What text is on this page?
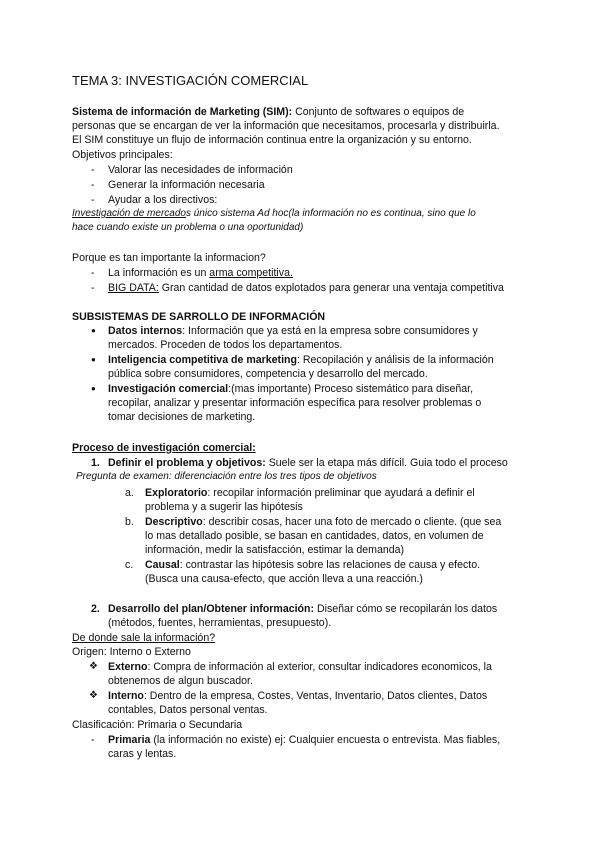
TEMA 3: INVESTIGACIÓN COMERCIAL
Sistema de información de Marketing (SIM): Conjunto de softwares o equipos de
personas que se encargan de ver la información que necesitamos, procesarla y distribuirla.
El SIM constituye un flujo de información continua entre la organización y su entorno.
Objetivos principales:
- Valorar las necesidades de información
- Generar la información necesaria
- Ayudar a los directivos:
Investigación de mercados único sistema Ad hoc(la información no es continua, sino que lo
hace cuando existe un problema o una oportunidad)
Porque es tan importante la informacion?
- La información es un arma competitiva.
- BIG DATA: Gran cantidad de datos explotados para generar una ventaja competitiva
SUBSISTEMAS DE SARROLLO DE INFORMACIÓN
● Datos internos: Información que ya está en la empresa sobre consumidores y
mercados. Proceden de todos los departamentos.
● Inteligencia competitiva de marketing: Recopilación y análisis de la información
pública sobre consumidores, competencia y desarrollo del mercado.
● Investigación comercial:(mas importante) Proceso sistemático para diseñar,
recopilar, analizar y presentar información específica para resolver problemas o
tomar decisiones de marketing.
Proceso de investigación comercial:
1. Definir el problema y objetivos: Suele ser la etapa más difícil. Guia todo el proceso
Pregunta de examen: diferenciación entre los tres tipos de objetivos
a. Exploratorio: recopilar información preliminar que ayudará a definir el
problema y a sugerir las hipótesis
b. Descriptivo: describir cosas, hacer una foto de mercado o cliente. (que sea
lo mas detallado posible, se basan en cantidades, datos, en volumen de
información, medir la satisfacción, estimar la demanda)
c. Causal: contrastar las hipótesis sobre las relaciones de causa y efecto.
(Busca una causa-efecto, que acción lleva a una reacción.)
2. Desarrollo del plan/Obtener información: Diseñar cómo se recopilarán los datos
(métodos, fuentes, herramientas, presupuesto).
De donde sale la información?
Origen: Interno o Externo
❖ Externo: Compra de información al exterior, consultar indicadores economicos, la
obtenemos de algun buscador.
❖ Interno: Dentro de la empresa, Costes, Ventas, Inventario, Datos clientes, Datos
contables, Datos personal ventas.
Clasificación: Primaria o Secundaria
- Primaria (la información no existe) ej: Cualquier encuesta o entrevista. Mas fiables,
caras y lentas.
